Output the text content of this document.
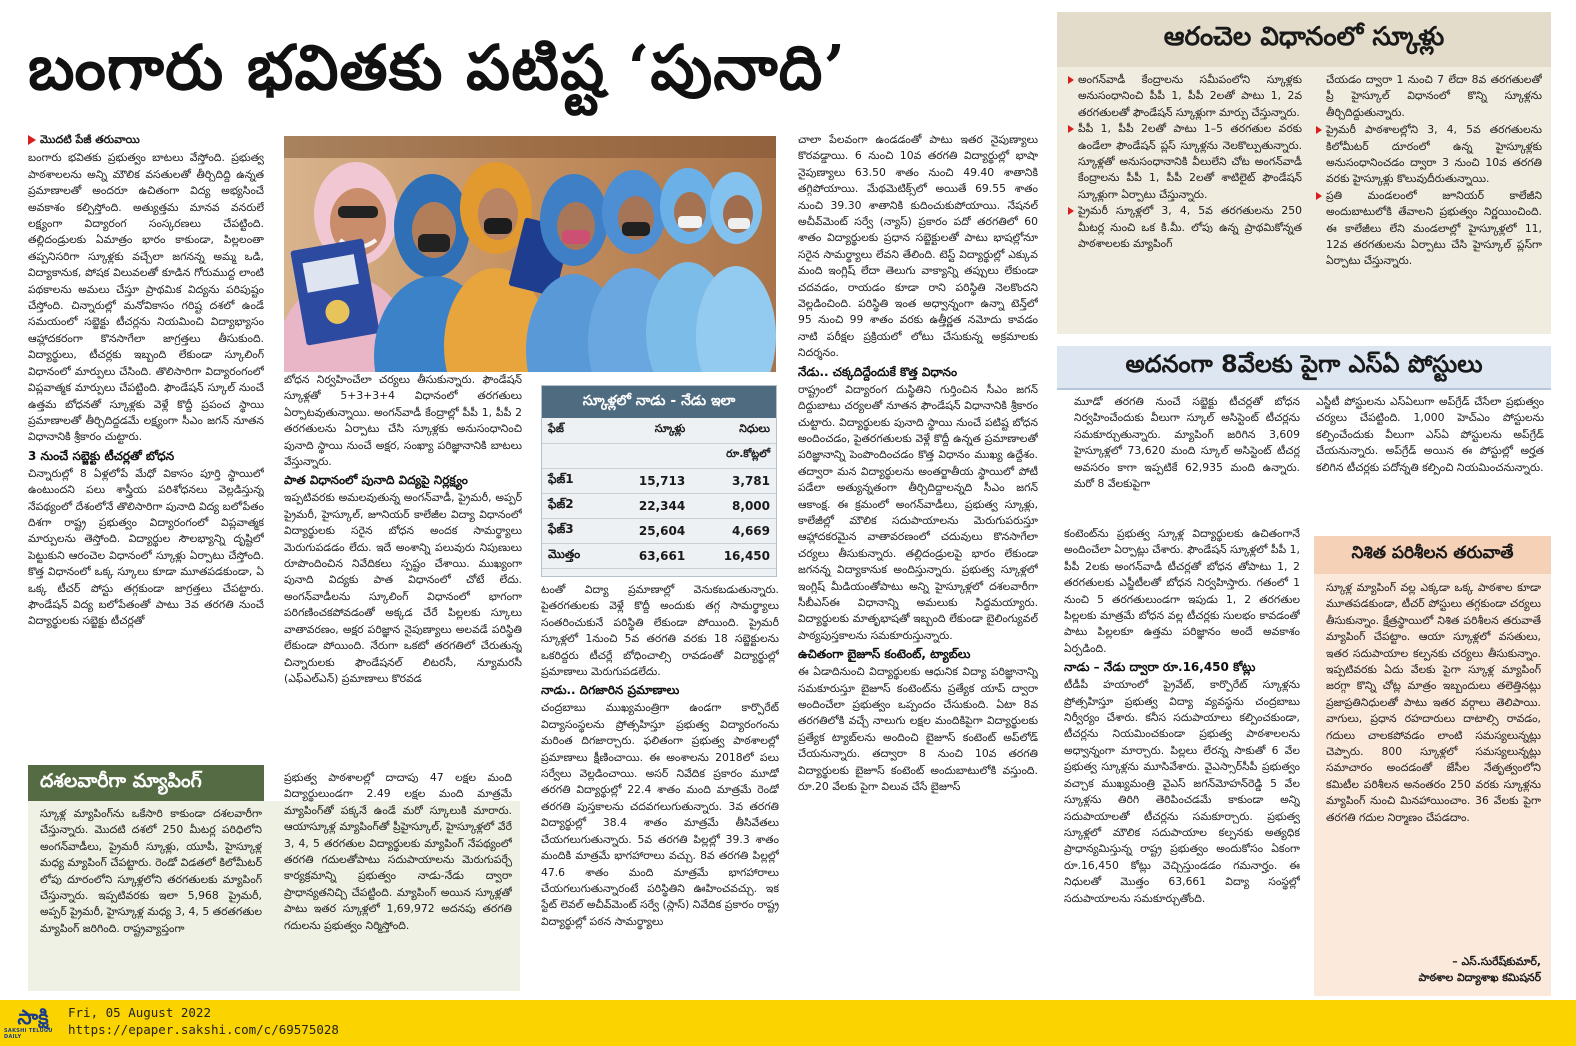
బంగారు భవితకు పటిష్ట ‘పునాది’
మొదటి పేజీ తరువాయి

బంగారు భవితకు ప్రభుత్వం బాటలు వేస్తోంది. ప్రభుత్వ పాఠశాలలను అన్ని మౌలిక వసతులతో తీర్చిదిద్ది ఉన్నత ప్రమాణాలతో అందరూ ఉచితంగా విద్య అభ్యసించే అవకాశం కల్పిస్తోంది. అత్యుత్తమ మానవ వనరులే లక్ష్యంగా విద్యారంగ సంస్కరణలు చేపట్టింది. తల్లిదండ్రులకు ఏమాత్రం భారం కాకుండా, పిల్లలంతా తప్పనిసరిగా స్కూళ్లకు వచ్చేలా జగనన్న అమ్మ ఒడి, విద్యాకానుక, పోషక విలువలతో కూడిన గోరుముద్ద లాంటి పథకాలను అమలు చేస్తూ ప్రాథమిక విద్యను పరిపుష్టం చేస్తోంది. చిన్నారుల్లో మనోవికాసం గరిష్ట దశలో ఉండే సమయంలో సబ్జెక్టు టీచర్లను నియమించి విద్యాభ్యాసం ఆహ్లాదకరంగా కొనసాగేలా జాగ్రత్తలు తీసుకుంది. విద్యార్థులు, టీచర్లకు ఇబ్బంది లేకుండా స్కూలింగ్ విధానంలో మార్పులు చేసింది. తొలిసారిగా విద్యారంగంలో విప్లవాత్మక మార్పులు చేపట్టింది. ఫౌండేషన్ స్కూల్ నుంచే ఉత్తమ బోధనతో స్కూళ్లకు వెళ్లే కొద్దీ ప్రపంచ స్థాయి ప్రమాణాలతో తీర్చిదిద్దడమే లక్ష్యంగా సీఎం జగన్ నూతన విధానానికి శ్రీకారం చుట్టారు.

3 నుంచే సబ్జెక్టు టీచర్లతో బోధన

చిన్నారుల్లో 8 ఏళ్లలోపే మేధో వికాసం పూర్తి స్థాయిలో ఉంటుందని పలు శాస్త్రీయ పరిశోధనలు వెల్లడిస్తున్న నేపథ్యంలో దేశంలోనే తొలిసారిగా పునాది విద్య బలోపేతం దిశగా రాష్ట్ర ప్రభుత్వం విద్యారంగంలో విప్లవాత్మక మార్పులను తెస్తోంది. విద్యార్థుల సౌలభ్యాన్ని దృష్టిలో పెట్టుకుని ఆరంచెల విధానంలో స్కూళ్లు ఏర్పాటు చేస్తోంది. కొత్త విధానంలో ఒక్క స్కూలు కూడా మూతపడకుండా, ఏ ఒక్క టీచర్ పోస్టు తగ్గకుండా జాగ్రత్తలు చేపట్టారు. ఫౌండేషన్ విద్య బలోపేతంతో పాటు 3వ తరగతి నుంచే విద్యార్థులకు సబ్జెక్టు టీచర్లతో

బోధన నిర్వహించేలా చర్యలు తీసుకున్నారు. ఫౌండేషన్ స్కూళ్లతో 5+3+3+4 విధానంలో తరగతులు ఏర్పాటవుతున్నాయి. అంగన్‌వాడీ కేంద్రాల్లో పీపీ 1, పీపీ 2 తరగతులను ఏర్పాటు చేసి స్కూళ్లకు అనుసంధానించి పునాది స్థాయి నుంచే అక్షర, సంఖ్యా పరిజ్ఞానానికి బాటలు వేస్తున్నారు.

పాత విధానంలో పునాది విద్యపై నిర్లక్ష్యం

ఇప్పటివరకు అమలవుతున్న అంగన్‌వాడీ, ప్రైమరీ, అప్పర్ ప్రైమరీ, హైస్కూల్, జూనియర్ కాలేజీల విద్యా విధానంలో విద్యార్థులకు సరైన బోధన అందక సామర్థ్యాలు మెరుగుపడడం లేదు. ఇదే అంశాన్ని పలువురు నిపుణులు రూపొందించిన నివేదికలు స్పష్టం చేశాయి. ముఖ్యంగా పునాది విద్యకు పాత విధానంలో చోటే లేదు. అంగన్‌వాడీలను స్కూలింగ్ విధానంలో భాగంగా పరిగణించకపోవడంతో అక్కడ చేరే పిల్లలకు స్కూలు వాతావరణం, అక్షర పరిజ్ఞాన నైపుణ్యాలు అలవడే పరిస్థితి లేకుండా పోయింది. నేరుగా ఒకటో తరగతిలో చేరుతున్న చిన్నారులకు ఫౌండేషనల్ లిటరసీ, న్యూమరసీ (ఎఫ్ఎల్ఎన్) ప్రమాణాలు కొరవడ

స్కూళ్లలో నాడు - నేడు ఇలా
ఫేజ్	స్కూళ్లు	నిధులు
		రూ.కోట్లలో
ఫేజ్1	15,713	3,781
ఫేజ్2	22,344	8,000
ఫేజ్3	25,604	4,669
మొత్తం	63,661	16,450

టంతో విద్యా ప్రమాణాల్లో వెనుకబడుతున్నారు. పైతరగతులకు వెళ్లే కొద్దీ అందుకు తగ్గ సామర్థ్యాలు సంతరించుకునే పరిస్థితి లేకుండా పోయింది. ప్రైమరీ స్కూళ్లలో 1నుంచి 5వ తరగతి వరకు 18 సబ్జెక్టులను ఒకరిద్దరు టీచర్లే బోధించాల్సి రావడంతో విద్యార్థుల్లో ప్రమాణాలు మెరుగుపడలేదు.

నాడు.. దిగజారిన ప్రమాణాలు

చంద్రబాబు ముఖ్యమంత్రిగా ఉండగా కార్పొరేట్ విద్యాసంస్థలను ప్రోత్సహిస్తూ ప్రభుత్వ విద్యారంగంను మరింత దిగజార్చారు. ఫలితంగా ప్రభుత్వ పాఠశాలల్లో ప్రమాణాలు క్షీణించాయి. ఈ అంశాలను 2018లో పలు సర్వేలు వెల్లడించాయి. అసర్ నివేదిక ప్రకారం మూడో తరగతి విద్యార్థుల్లో 22.4 శాతం మంది మాత్రమే రెండో తరగతి పుస్తకాలను చదవగలుగుతున్నారు. 3వ తరగతి విద్యార్థుల్లో 38.4 శాతం మాత్రమే తీసివేతలు చేయగలుగుతున్నారు. 5వ తరగతి పిల్లల్లో 39.3 శాతం మందికి మాత్రమే భాగహారాలు వచ్చు. 8వ తరగతి పిల్లల్లో 47.6 శాతం మంది మాత్రమే భాగహారాలు చేయగలుగుతున్నారంటే పరిస్థితిని ఊహించవచ్చు. ఇక స్టేట్ లెవల్ అచీవ్‌మెంట్ సర్వే (స్లాస్) నివేదిక ప్రకారం రాష్ట్ర విద్యార్థుల్లో పఠన సామర్థ్యాలు

చాలా పేలవంగా ఉండడంతో పాటు ఇతర నైపుణ్యాలు కొరవడ్డాయి. 6 నుంచి 10వ తరగతి విద్యార్థుల్లో భాషా నైపుణ్యాలు 63.50 శాతం నుంచి 49.40 శాతానికి తగ్గిపోయాయి. మేథమెటిక్స్‌లో అయితే 69.55 శాతం నుంచి 39.30 శాతానికి కుదించుకుపోయాయి. నేషనల్ అచీవ్‌మెంట్ సర్వే (న్యాస్) ప్రకారం పదో తరగతిలో 60 శాతం విద్యార్థులకు ప్రధాన సబ్జెక్టులతో పాటు భాషల్లోనూ సరైన సామర్థ్యాలు లేవని తేలింది. టెస్ట్ విద్యార్థుల్లో ఎక్కువ మంది ఇంగ్లిష్ లేదా తెలుగు వాక్యాన్ని తప్పులు లేకుండా చదవడం, రాయడం కూడా రాని పరిస్థితి నెలకొందని వెల్లడించింది. పరిస్థితి ఇంత అధ్వాన్నంగా ఉన్నా టెన్త్‌లో 95 నుంచి 99 శాతం వరకు ఉత్తీర్ణత నమోదు కావడం నాటి పరీక్షల ప్రక్రియలో లోటు చేసుకున్న అక్రమాలకు నిదర్శనం.

నేడు.. చక్కదిద్దేందుకే కొత్త విధానం

రాష్ట్రంలో విద్యారంగ దుస్థితిని గుర్తించిన సీఎం జగన్ దిద్దుబాటు చర్యలతో నూతన ఫౌండేషన్ విధానానికి శ్రీకారం చుట్టారు. విద్యార్థులకు పునాది స్థాయి నుంచే పటిష్ట బోధన అందించడం, పైతరగతులకు వెళ్లే కొద్దీ ఉన్నత ప్రమాణాలతో పరిజ్ఞానాన్ని పెంపొందించడం కొత్త విధానం ముఖ్య ఉద్దేశం. తద్వారా మన విద్యార్థులను అంతర్జాతీయ స్థాయిలో పోటీ పడేలా అత్యున్నతంగా తీర్చిదిద్దాలన్నది సీఎం జగన్ ఆకాంక్ష. ఈ క్రమంలో అంగన్‌వాడీలు, ప్రభుత్వ స్కూళ్లు, కాలేజీల్లో మౌలిక సదుపాయాలను మెరుగుపరుస్తూ ఆహ్లాదకరమైన వాతావరణంలో చదువులు కొనసాగేలా చర్యలు తీసుకున్నారు. తల్లిదండ్రులపై భారం లేకుండా జగనన్న విద్యాకానుక అందిస్తున్నారు. ప్రభుత్వ స్కూళ్లలో ఇంగ్లిష్ మీడియంతోపాటు అన్ని హైస్కూళ్లలో దశలవారీగా సీబీఎస్ఈ విధానాన్ని అమలుకు సిద్ధమయ్యారు. విద్యార్థులకు మాతృభాషతో ఇబ్బంది లేకుండా బైలింగ్యువల్ పాఠ్యపుస్తకాలను సమకూరుస్తున్నారు.

ఉచితంగా బైజూస్ కంటెంట్, ట్యాబ్‌లు

ఈ ఏడాదినుంచి విద్యార్థులకు ఆధునిక విద్యా పరిజ్ఞానాన్ని సమకూరుస్తూ బైజూస్ కంటెంట్‌ను ప్రత్యేక యాప్ ద్వారా అందించేలా ప్రభుత్వం ఒప్పందం చేసుకుంది. ఏటా 8వ తరగతిలోకి వచ్చే నాలుగు లక్షల మందికిపైగా విద్యార్థులకు ప్రత్యేక ట్యాబ్‌లను అందించి బైజూస్ కంటెంట్ అప్‌లోడ్ చేయనున్నారు. తద్వారా 8 నుంచి 10వ తరగతి విద్యార్థులకు బైజూస్ కంటెంట్ అందుబాటులోకి వస్తుంది. రూ.20 వేలకు పైగా విలువ చేసే బైజూస్

దశలవారీగా మ్యాపింగ్
స్కూళ్ల మ్యాపింగ్‌ను ఒకేసారి కాకుండా దశలవారీగా చేస్తున్నారు. మొదటి దశలో 250 మీటర్ల పరిధిలోని అంగన్‌వాడీలు, ప్రైమరీ స్కూళ్లు, యూపీ, హైస్కూళ్ల మధ్య మ్యాపింగ్ చేపట్టారు. రెండో విడతలో కిలోమీటర్ లోపు దూరంలోని స్కూళ్లలోని తరగతులకు మ్యాపింగ్ చేస్తున్నారు. ఇప్పటివరకు ఇలా 5,968 ప్రైమరీ, అప్పర్ ప్రైమరీ, హైస్కూళ్ల మధ్య 3, 4, 5 తరతగతుల మ్యాపింగ్ జరిగింది. రాష్ట్రవ్యాప్తంగా
ప్రభుత్వ పాఠశాలల్లో దాదాపు 47 లక్షల మంది విద్యార్థులుండగా 2.49 లక్షల మంది మాత్రమే మ్యాపింగ్‌తో పక్కనే ఉండే మరో స్కూలుకి మారారు. ఆయాస్కూళ్ల మ్యాపింగ్‌తో ప్రీహైస్కూల్, హైస్కూళ్లలో వేరే 3, 4, 5 తరగతుల విద్యార్థులకు మ్యాపింగ్ నేపథ్యంలో తరగతి గదులతోపాటు సదుపాయాలను మెరుగుపర్చే కార్యక్రమాన్ని ప్రభుత్వం నాడు-నేడు ద్వారా ప్రాధాన్యతనిచ్చి చేపట్టింది. మ్యాపింగ్ అయిన స్కూళ్లతో పాటు ఇతర స్కూళ్లలో 1,69,972 అదనపు తరగతి గదులను ప్రభుత్వం నిర్మిస్తోంది.
ఆరంచెల విధానంలో స్కూళ్లు
అంగన్‌వాడీ కేంద్రాలను సమీపంలోని స్కూళ్లకు అనుసంధానించి పీపీ 1, పీపీ 2లతో పాటు 1, 2వ తరగతులతో ఫౌండేషన్ స్కూళ్లుగా మార్పు చేస్తున్నారు.
పీపీ 1, పీపీ 2లతో పాటు 1–5 తరగతుల వరకు ఉండేలా ఫౌండేషన్ ప్లస్ స్కూళ్లను నెలకొల్పుతున్నారు. స్కూళ్లతో అనుసంధానానికి వీలులేని చోట అంగన్‌వాడీ కేంద్రాలను పీపీ 1, పీపీ 2లతో శాటిలైట్ ఫౌండేషన్ స్కూళ్లుగా ఏర్పాటు చేస్తున్నారు.
ప్రైమరీ స్కూళ్లలో 3, 4, 5వ తరగతులను 250 మీటర్ల నుంచి ఒక కి.మీ. లోపు ఉన్న ప్రాథమికోన్నత పాఠశాలలకు మ్యాపింగ్

చేయడం ద్వారా 1 నుంచి 7 లేదా 8వ తరగతులతో ప్రీ హైస్కూల్ విధానంలో కొన్ని స్కూళ్లను తీర్చిదిద్దుతున్నారు.

ప్రైమరీ పాఠశాలల్లోని 3, 4, 5వ తరగతులను కిలోమీటర్ దూరంలో ఉన్న హైస్కూళ్లకు అనుసంధానించడం ద్వారా 3 నుంచి 10వ తరగతి వరకు హైస్కూళ్లు కొలువుదీరుతున్నాయి.
ప్రతి మండలంలో జూనియర్ కాలేజీని అందుబాటులోకి తేవాలని ప్రభుత్వం నిర్ణయించింది. ఈ కాలేజీలు లేని మండలాల్లో హైస్కూళ్లలో 11, 12వ తరగతులను ఏర్పాటు చేసి హైస్కూల్ ప్లస్‌గా ఏర్పాటు చేస్తున్నారు.
అదనంగా 8వేలకు పైగా ఎస్ఏ పోస్టులు
మూడో తరగతి నుంచే సబ్జెక్టు టీచర్లతో బోధన నిర్వహించేందుకు వీలుగా స్కూల్ అసిస్టెంట్ టీచర్లను సమకూర్చుతున్నారు. మ్యాపింగ్ జరిగిన 3,609 హైస్కూళ్లలో 73,620 మంది స్కూల్ అసిస్టెంట్ టీచర్ల అవసరం కాగా ఇప్పటికే 62,935 మంది ఉన్నారు. మరో 8 వేలకుపైగా
ఎస్జీటీ పోస్టులను ఎస్ఏలుగా అప్‌గ్రేడ్ చేసేలా ప్రభుత్వం చర్యలు చేపట్టింది. 1,000 హెచ్ఎం పోస్టులను కల్పించేందుకు వీలుగా ఎస్ఏ పోస్టులను అప్‌గ్రేడ్ చేయనున్నారు. అప్‌గ్రేడ్ అయిన ఈ పోస్టుల్లో అర్హత కలిగిన టీచర్లకు పదోన్నతి కల్పించి నియమించనున్నారు.

కంటెంట్‌ను ప్రభుత్వ స్కూళ్ల విద్యార్థులకు ఉచితంగానే అందించేలా ఏర్పాట్లు చేశారు. ఫౌండేషన్ స్కూళ్లలో పీపీ 1, పీపీ 2లకు అంగన్‌వాడీ టీచర్లతో బోధన తోపాటు 1, 2 తరగతులకు ఎస్జీటీలతో బోధన నిర్వహిస్తారు. గతంలో 1 నుంచి 5 తరగతులుండగా ఇపుడు 1, 2 తరగతుల పిల్లలకు మాత్రమే బోధన వల్ల టీచర్లకు సులభం కావడంతో పాటు పిల్లలకూ ఉత్తమ పరిజ్ఞానం అందే అవకాశం ఏర్పడింది.

నాడు – నేడు ద్వారా రూ.16,450 కోట్లు

టీడీపీ హయాంలో ప్రైవేట్, కార్పొరేట్ స్కూళ్లను ప్రోత్సహిస్తూ ప్రభుత్వ విద్యా వ్యవస్థను చంద్రబాబు నిర్వీర్యం చేశారు. కనీస సదుపాయాలు కల్పించకుండా, టీచర్లను నియమించకుండా ప్రభుత్వ పాఠశాలలను అధ్వాన్నంగా మార్చారు. పిల్లలు లేరన్న సాకుతో 6 వేల ప్రభుత్వ స్కూళ్లను మూసివేశారు. వైఎస్సార్‌సీపీ ప్రభుత్వం వచ్చాక ముఖ్యమంత్రి వైఎస్ జగన్‌మోహన్‌రెడ్డి 5 వేల స్కూళ్లను తిరిగి తెరిపించడమే కాకుండా అన్ని సదుపాయాలతో టీచర్లను సమకూర్చారు. ప్రభుత్వ స్కూళ్లలో మౌలిక సదుపాయాల కల్పనకు అత్యధిక ప్రాధాన్యమిస్తున్న రాష్ట్ర ప్రభుత్వం అందుకోసం ఏకంగా రూ.16,450 కోట్లు వెచ్చిస్తుండడం గమనార్హం. ఈ నిధులతో మొత్తం 63,661 విద్యా సంస్థల్లో సదుపాయాలను సమకూర్చుతోంది.

నిశిత పరిశీలన తరువాతే
స్కూళ్ల మ్యాపింగ్ వల్ల ఎక్కడా ఒక్క పాఠశాల కూడా మూతపడకుండా, టీచర్ పోస్టులు తగ్గకుండా చర్యలు తీసుకున్నాం. క్షేత్రస్థాయిలో నిశిత పరిశీలన తరువాతే మ్యాపింగ్ చేపట్టాం. ఆయా స్కూళ్లలో వసతులు, ఇతర సదుపాయాల కల్పనకు చర్యలు తీసుకున్నాం. ఇప్పటివరకు ఏదు వేలకు పైగా స్కూళ్ల మ్యాపింగ్ జరగ్గా కొన్ని చోట్ల మాత్రం ఇబ్బందులు తలెత్తినట్లు ప్రజాప్రతినిధులతో పాటు ఇతర వర్గాలు తెలిపాయి. వాగులు, ప్రధాన రహదారులు దాటాల్సి రావడం, గదులు చాలకపోవడం లాంటి సమస్యలున్నట్లు చెప్పారు. 800 స్కూళ్లలో సమస్యలున్నట్లు సమాచారం అందడంతో జేసీల నేతృత్వంలోని కమిటీల పరిశీలన అనంతరం 250 వరకు స్కూళ్లను మ్యాపింగ్ నుంచి మినహాయించాం. 36 వేలకు పైగా తరగతి గదుల నిర్మాణం చేపడదాం.
– ఎస్.సురేష్‌కుమార్,
పాఠశాల విద్యాశాఖ కమిషనర్
సాక్షి
SAKSHI TELUGU DAILY
Fri, 05 August 2022
https://epaper.sakshi.com/c/69575028
